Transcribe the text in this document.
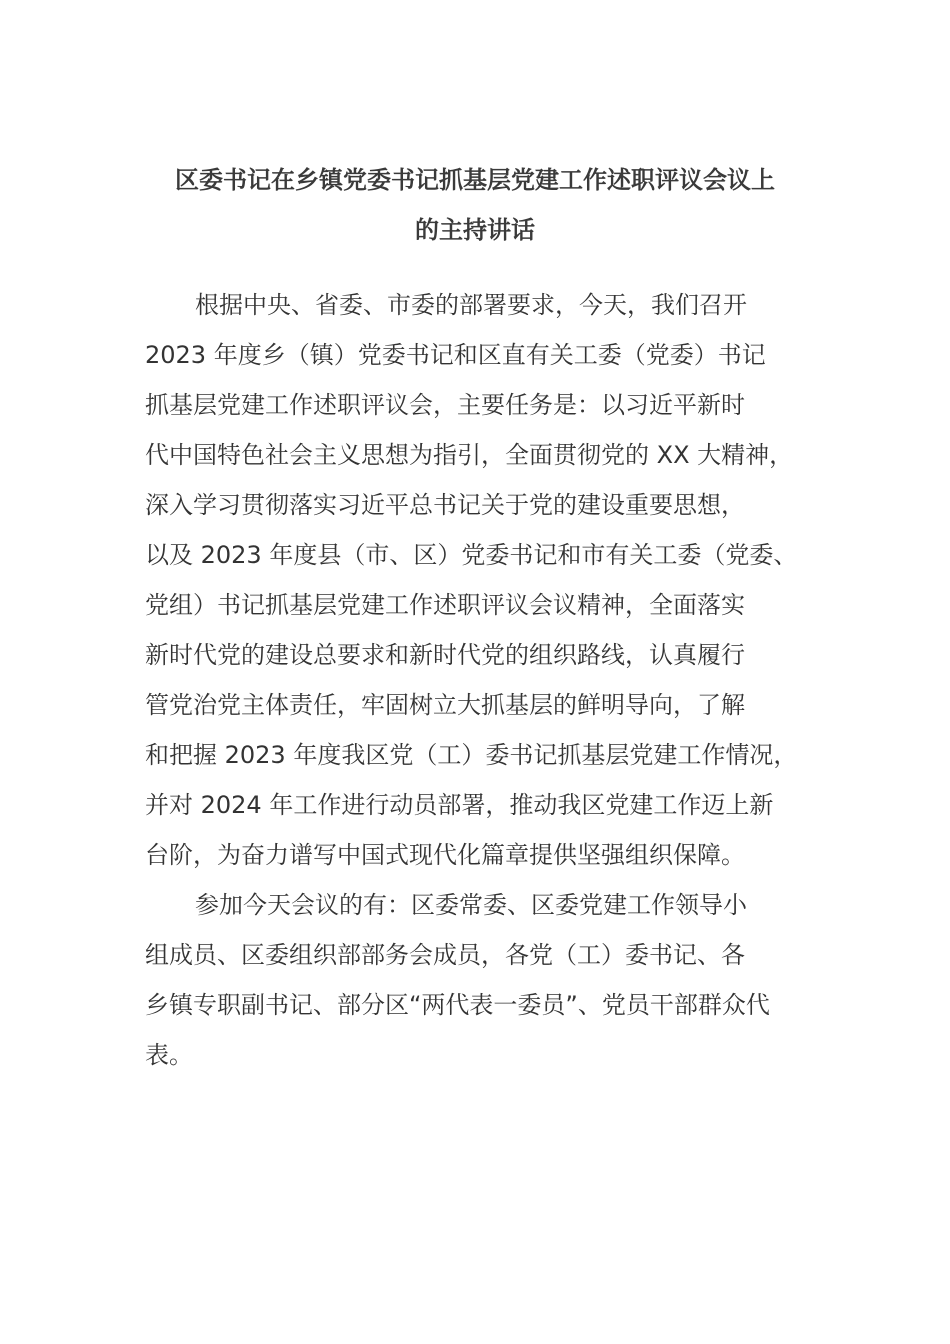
区委书记在乡镇党委书记抓基层党建工作述职评议会议上
的主持讲话
根据中央、省委、市委的部署要求，今天，我们召开
2023 年度乡（镇）党委书记和区直有关工委（党委）书记
抓基层党建工作述职评议会，主要任务是：以习近平新时
代中国特色社会主义思想为指引，全面贯彻党的 XX 大精神，
深入学习贯彻落实习近平总书记关于党的建设重要思想，
以及 2023 年度县（市、区）党委书记和市有关工委（党委、
党组）书记抓基层党建工作述职评议会议精神，全面落实
新时代党的建设总要求和新时代党的组织路线，认真履行
管党治党主体责任，牢固树立大抓基层的鲜明导向，了解
和把握 2023 年度我区党（工）委书记抓基层党建工作情况，
并对 2024 年工作进行动员部署，推动我区党建工作迈上新
台阶，为奋力谱写中国式现代化篇章提供坚强组织保障。
参加今天会议的有：区委常委、区委党建工作领导小
组成员、区委组织部部务会成员，各党（工）委书记、各
乡镇专职副书记、部分区“两代表一委员”、党员干部群众代
表。
